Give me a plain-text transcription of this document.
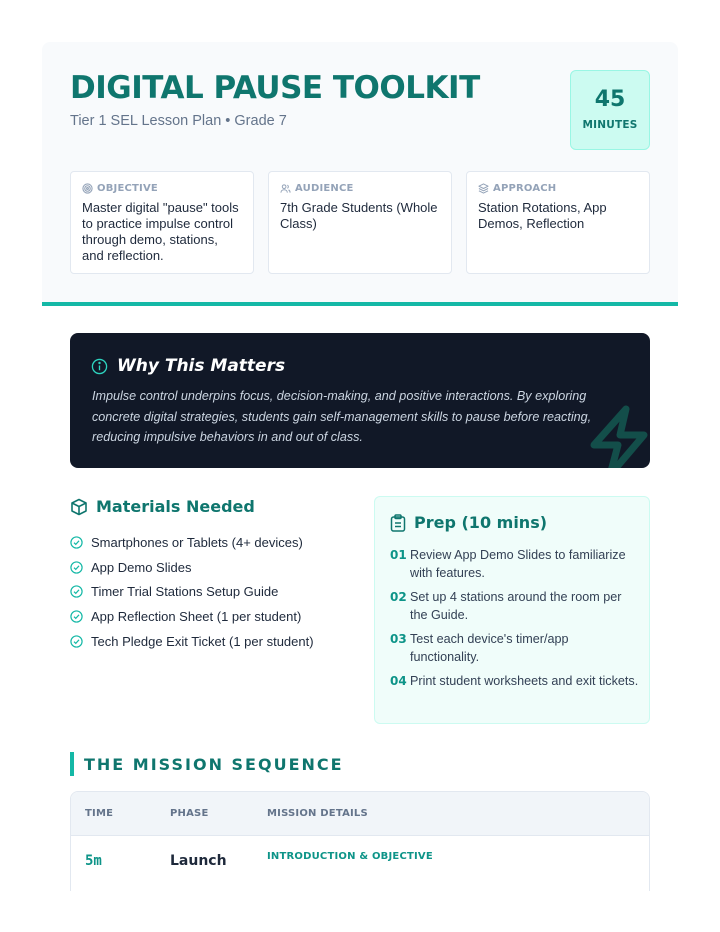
DIGITAL PAUSE TOOLKIT
Tier 1 SEL Lesson Plan • Grade 7
45
MINUTES
OBJECTIVE
Master digital "pause" tools to practice impulse control through demo, stations, and reflection.
AUDIENCE
7th Grade Students (Whole Class)
APPROACH
Station Rotations, App Demos, Reflection
Why This Matters
Impulse control underpins focus, decision-making, and positive interactions. By exploring concrete digital strategies, students gain self-management skills to pause before reacting, reducing impulsive behaviors in and out of class.
Materials Needed
Smartphones or Tablets (4+ devices)
App Demo Slides
Timer Trial Stations Setup Guide
App Reflection Sheet (1 per student)
Tech Pledge Exit Ticket (1 per student)
Prep (10 mins)
01 Review App Demo Slides to familiarize with features.
02 Set up 4 stations around the room per the Guide.
03 Test each device's timer/app functionality.
04 Print student worksheets and exit tickets.
THE MISSION SEQUENCE
TIME	PHASE	MISSION DETAILS
5m	Launch	INTRODUCTION & OBJECTIVE
